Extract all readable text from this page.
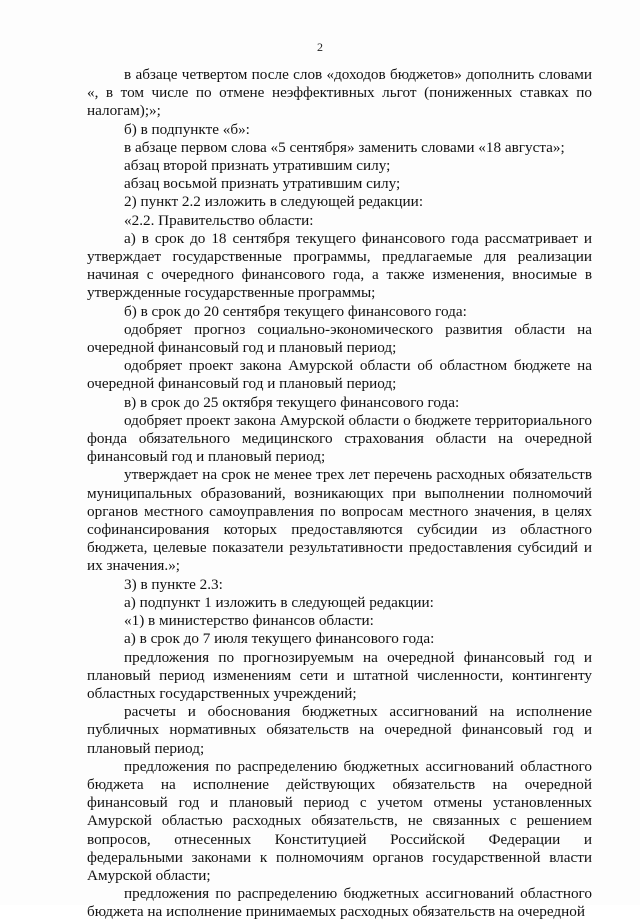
2

в абзаце четвертом после слов «доходов бюджетов» дополнить словами «, в том числе по отмене неэффективных льгот (пониженных ставках по налогам);»;

б) в подпункте «б»:

в абзаце первом слова «5 сентября» заменить словами «18 августа»;

абзац второй признать утратившим силу;

абзац восьмой признать утратившим силу;

2) пункт 2.2 изложить в следующей редакции:

«2.2. Правительство области:

а) в срок до 18 сентября текущего финансового года рассматривает и утверждает государственные программы, предлагаемые для реализации начиная с очередного финансового года, а также изменения, вносимые в утвержденные государственные программы;

б) в срок до 20 сентября текущего финансового года:

одобряет прогноз социально-экономического развития области на очередной финансовый год и плановый период;

одобряет проект закона Амурской области об областном бюджете на очередной финансовый год и плановый период;

в) в срок до 25 октября текущего финансового года:

одобряет проект закона Амурской области о бюджете территориального фонда обязательного медицинского страхования области на очередной финансовый год и плановый период;

утверждает на срок не менее трех лет перечень расходных обязательств муниципальных образований, возникающих при выполнении полномочий органов местного самоуправления по вопросам местного значения, в целях софинансирования которых предоставляются субсидии из областного бюджета, целевые показатели результативности предоставления субсидий и их значения.»;

3) в пункте 2.3:

а) подпункт 1 изложить в следующей редакции:

«1) в министерство финансов области:

а) в срок до 7 июля текущего финансового года:

предложения по прогнозируемым на очередной финансовый год и плановый период изменениям сети и штатной численности, контингенту областных государственных учреждений;

расчеты и обоснования бюджетных ассигнований на исполнение публичных нормативных обязательств на очередной финансовый год и плановый период;

предложения по распределению бюджетных ассигнований областного бюджета на исполнение действующих обязательств на очередной финансовый год и плановый период с учетом отмены установленных Амурской областью расходных обязательств, не связанных с решением вопросов, отнесенных Конституцией Российской Федерации и федеральными законами к полномочиям органов государственной власти Амурской области;

предложения по распределению бюджетных ассигнований областного бюджета на исполнение принимаемых расходных обязательств на очередной
